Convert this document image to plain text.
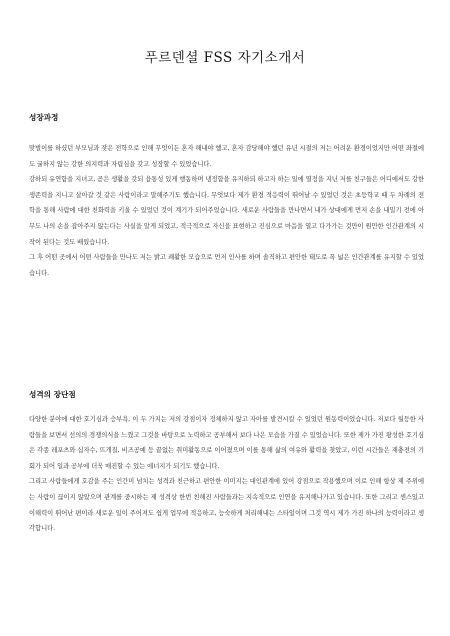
푸르덴셜 FSS 자기소개서
성장과정

맞벌이를 하셨던 부모님과 잦은 전학으로 인해 무엇이든 혼자 해내야 했고, 혼자 감당해야 했던 유년 시절의 저는 어려운 환경이었지만 어떤 좌절에도 굴하지 않는 강한 의지력과 자립심을 갖고 성장할 수 있었습니다.

강하되 유연함을 지녀고, 곧은 생활을 갖되 융통성 있게 행동하며 냉정함을 유지하되 하고자 하는 일에 열정을 지닌 저를 친구들은 어디에서도 강한 생존력을 지니고 살아갈 것 같은 사람이라고 말해주기도 했습니다. 무엇보다 제가 환경 적응력이 뛰어날 수 있었던 것은 초등학교 때 두 차례의 전학을 통해 사람에 대한 친화력을 키울 수 있었던 것이 계기가 되어주었습니다. 새로운 사람들을 만나면서 내가 상대에게 먼저 손을 내밀기 전에 아무도 나의 손을 잡아주지 않는다는 사실을 알게 되었고, 적극적으로 자신을 표현하고 진심으로 마음을 열고 다가가는 것만이 원만한 인간관계의 시작이 된다는 것도 배웠습니다.

그 후 어떤 곳에서 어떤 사람들을 만나도 저는 밝고 쾌활한 모습으로 먼저 인사를 하며 솔직하고 편안한 태도로 폭 넓은 인간관계를 유지할 수 있었습니다.

성격의 장단점

다양한 분야에 대한 호기심과 승부욕, 이 두 가지는 저의 강점이자 정체하지 않고 자아를 발견시킬 수 있었던 원동력이었습니다. 저보다 월등한 사람들을 보면서 선의의 경쟁의식을 느꼈고 그것을 바탕으로 노력하고 공부해서 보다 나은 모습을 가질 수 있었습니다. 또한 제가 가진 왕성한 호기심은 각종 레포츠와 십자수, 뜨개질, 비즈공예 등 끝없는 취미활동으로 이어졌으며 이를 통해 삶의 여유와 활력을 찾았고, 이런 시간들은 재충전의 기회가 되어 일과 공부에 더욱 매진할 수 있는 에너지가 되기도 했습니다.

그리고 사람들에게 호감을 주는 인간미 넘치는 성격과 친근하고 편안한 이미지는 대인관계에 있어 강점으로 작용했으며 이로 인해 항상 제 주위에는 사람이 끊이지 않았으며 관계를 중시하는 제 성격상 한번 친해진 사람들과는 지속적으로 인연을 유지해나가고 있습니다. 또한 그리고 센스있고 이해력이 뛰어난 편이라 새로운 일이 주어져도 쉽게 업무에 적응하고, 능숙하게 처리해내는 스타일이며 그것 역시 제가 가진 하나의 능력이라고 생각합니다.
